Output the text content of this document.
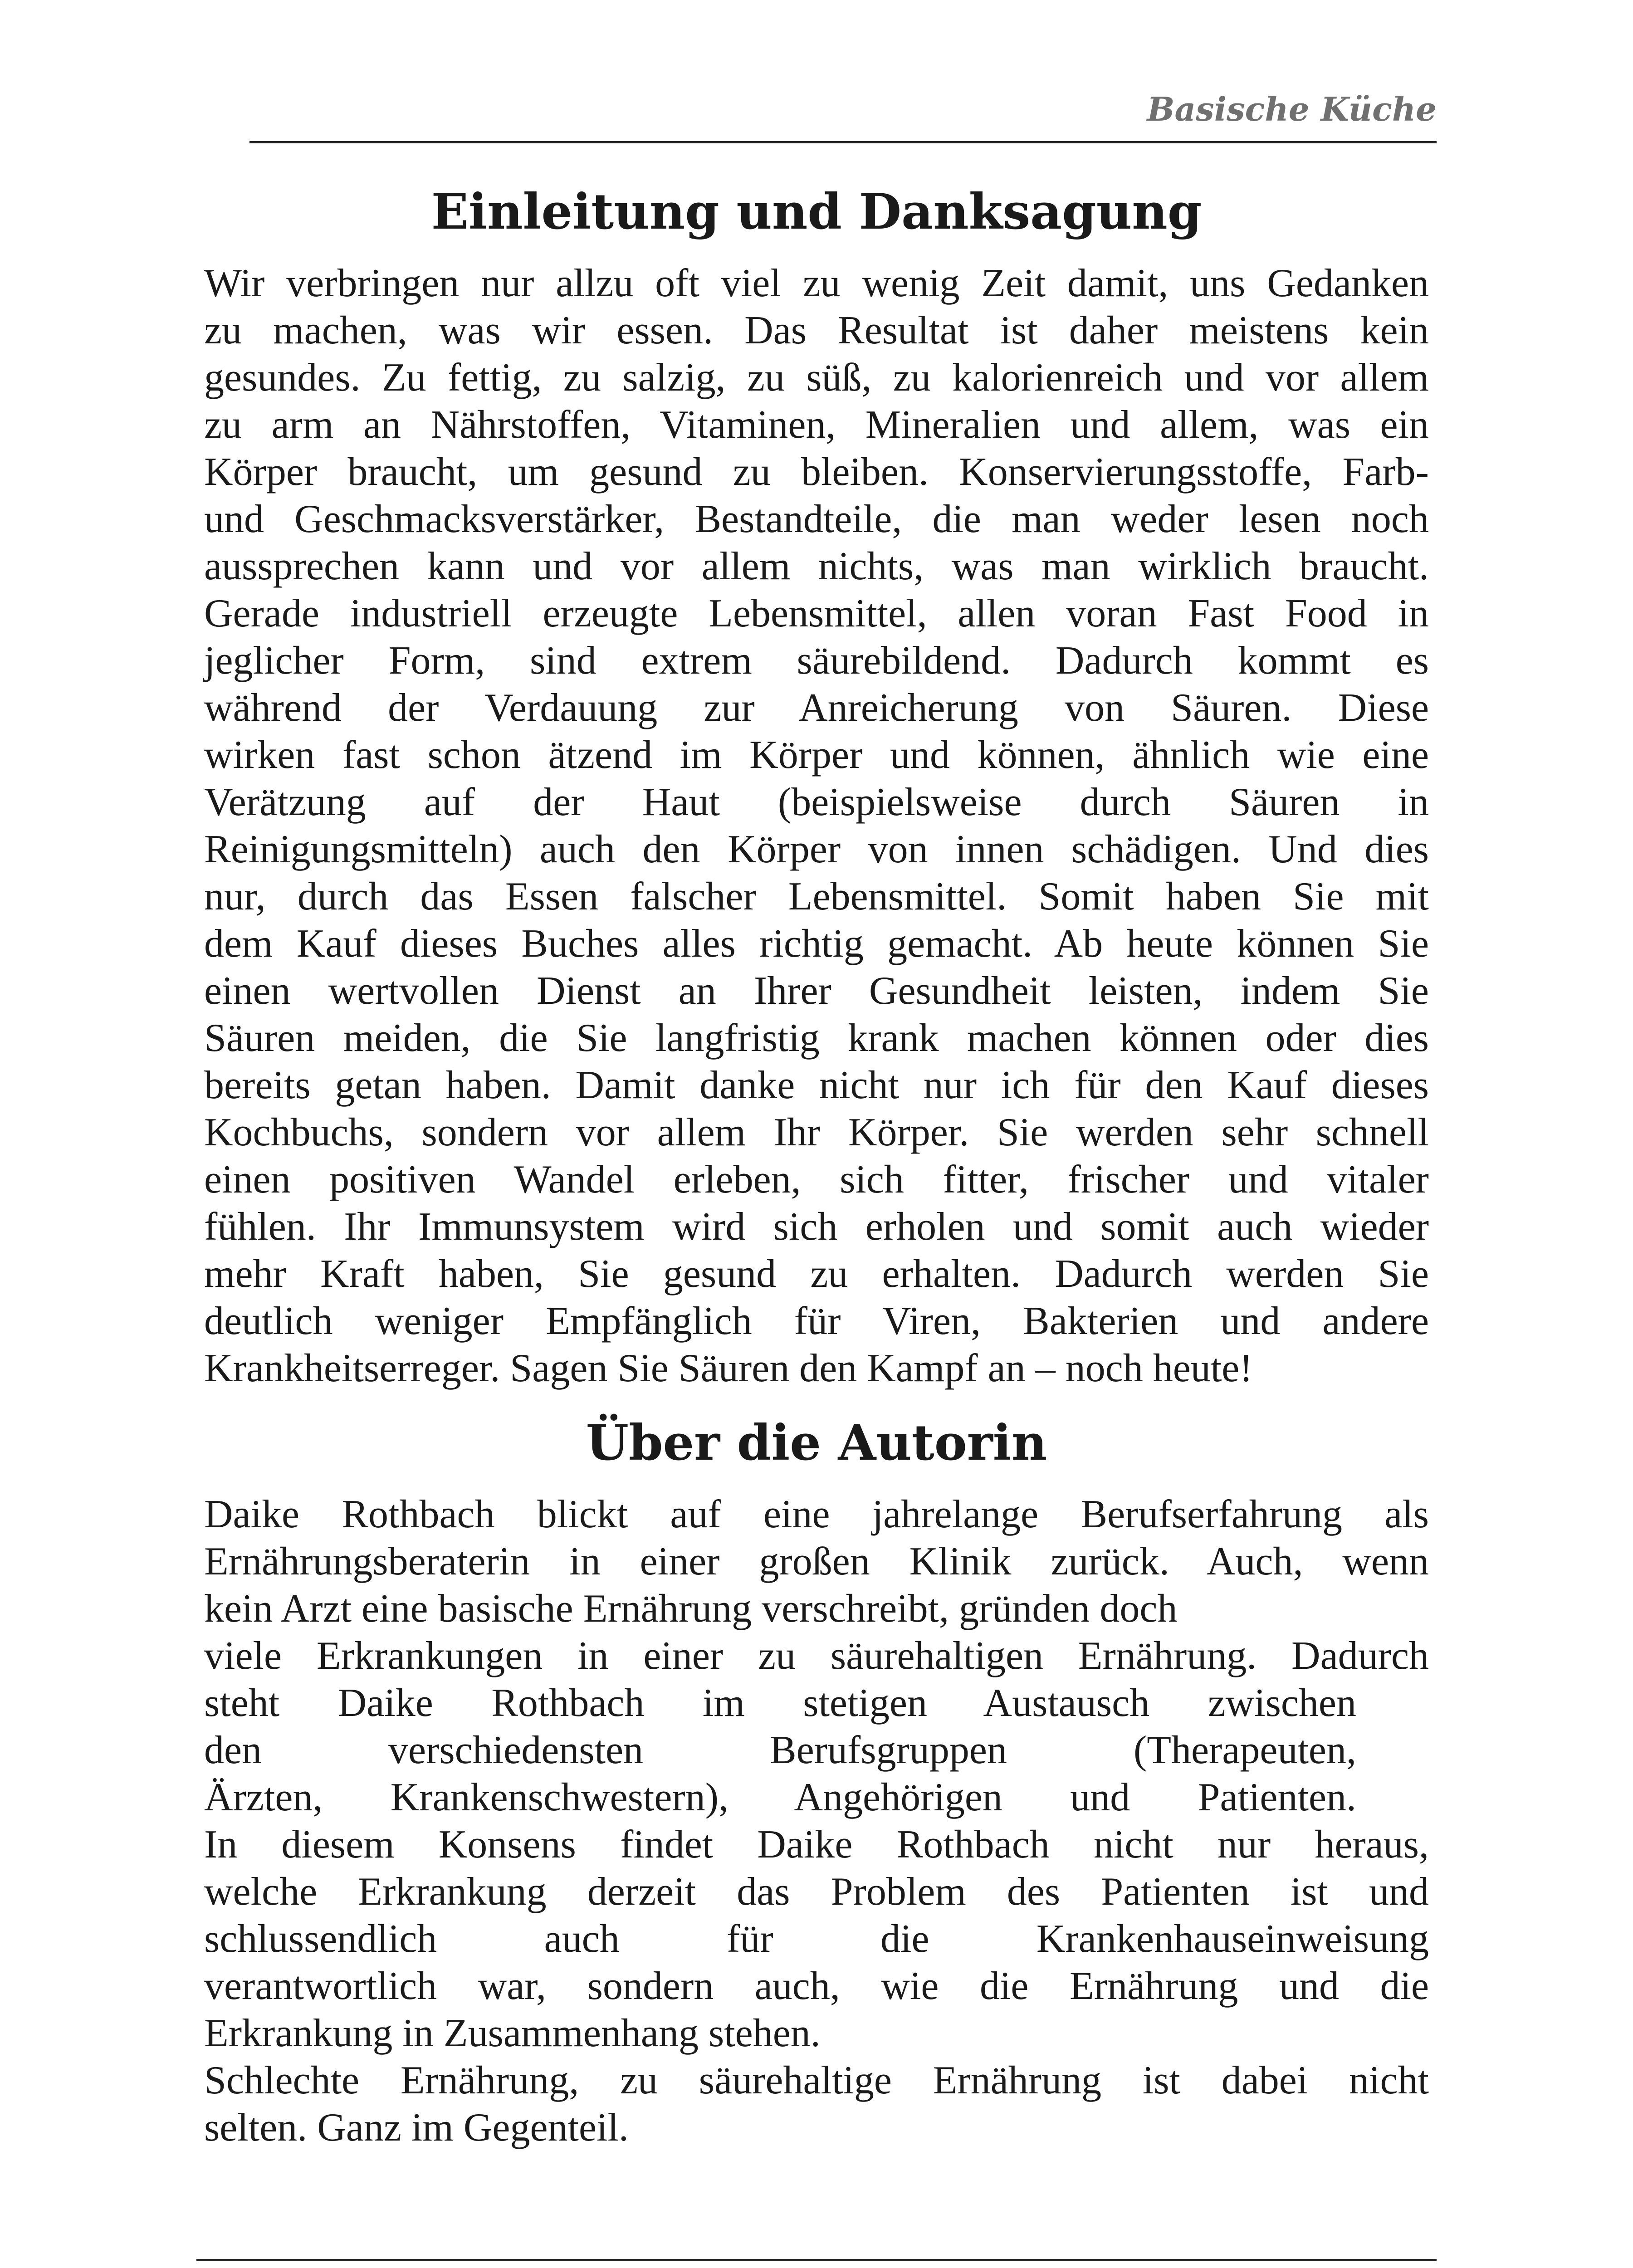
Basische Küche
Einleitung und Danksagung

Wir verbringen nur allzu oft viel zu wenig Zeit damit, uns Gedanken
zu machen, was wir essen. Das Resultat ist daher meistens kein
gesundes. Zu fettig, zu salzig, zu süß, zu kalorienreich und vor allem
zu arm an Nährstoffen, Vitaminen, Mineralien und allem, was ein
Körper braucht, um gesund zu bleiben. Konservierungsstoffe, Farb-
und Geschmacksverstärker, Bestandteile, die man weder lesen noch
aussprechen kann und vor allem nichts, was man wirklich braucht.
Gerade industriell erzeugte Lebensmittel, allen voran Fast Food in
jeglicher Form, sind extrem säurebildend. Dadurch kommt es
während der Verdauung zur Anreicherung von Säuren. Diese
wirken fast schon ätzend im Körper und können, ähnlich wie eine
Verätzung auf der Haut (beispielsweise durch Säuren in
Reinigungsmitteln) auch den Körper von innen schädigen. Und dies
nur, durch das Essen falscher Lebensmittel. Somit haben Sie mit
dem Kauf dieses Buches alles richtig gemacht. Ab heute können Sie
einen wertvollen Dienst an Ihrer Gesundheit leisten, indem Sie
Säuren meiden, die Sie langfristig krank machen können oder dies
bereits getan haben. Damit danke nicht nur ich für den Kauf dieses
Kochbuchs, sondern vor allem Ihr Körper. Sie werden sehr schnell
einen positiven Wandel erleben, sich fitter, frischer und vitaler
fühlen. Ihr Immunsystem wird sich erholen und somit auch wieder
mehr Kraft haben, Sie gesund zu erhalten. Dadurch werden Sie
deutlich weniger Empfänglich für Viren, Bakterien und andere
Krankheitserreger. Sagen Sie Säuren den Kampf an – noch heute!

Über die Autorin

Daike Rothbach blickt auf eine jahrelange Berufserfahrung als
Ernährungsberaterin in einer großen Klinik zurück. Auch, wenn
kein Arzt eine basische Ernährung verschreibt, gründen doch
viele Erkrankungen in einer zu säurehaltigen Ernährung. Dadurch
steht Daike Rothbach im stetigen Austausch zwischen
den verschiedensten Berufsgruppen (Therapeuten,
Ärzten, Krankenschwestern), Angehörigen und Patienten.
In diesem Konsens findet Daike Rothbach nicht nur heraus,
welche Erkrankung derzeit das Problem des Patienten ist und
schlussendlich auch für die Krankenhauseinweisung
verantwortlich war, sondern auch, wie die Ernährung und die
Erkrankung in Zusammenhang stehen.
Schlechte Ernährung, zu säurehaltige Ernährung ist dabei nicht
selten. Ganz im Gegenteil.
